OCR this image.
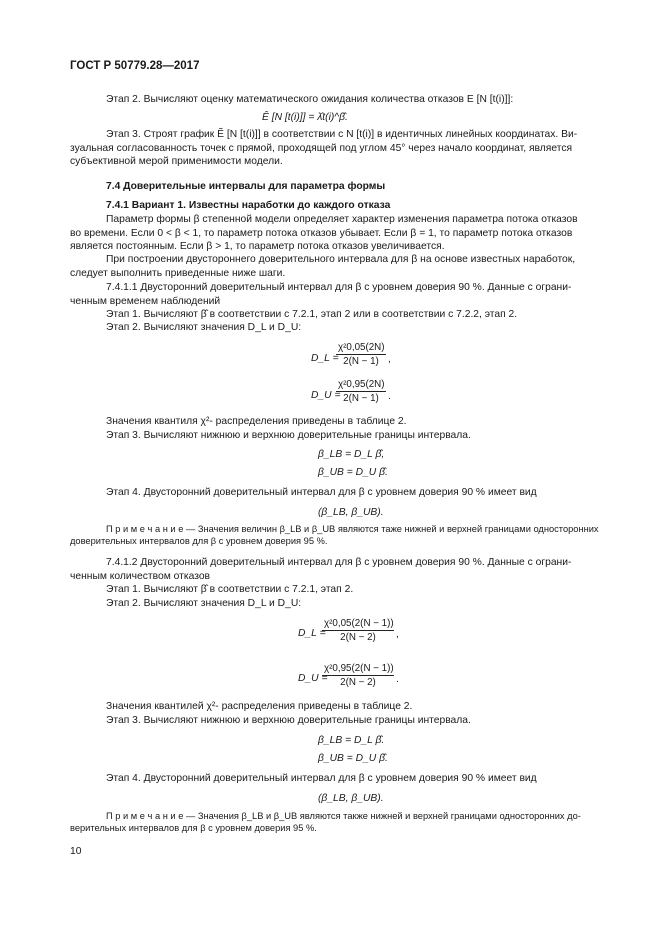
ГОСТ Р 50779.28—2017
Этап 2. Вычисляют оценку математического ожидания количества отказов E [N [t(i)]]:
Ê [N [t(i)]] = λ̂t(i)^β̂.
Этап 3. Строят график Ẽ [N [t(i)]] в соответствии с N [t(i)] в идентичных линейных координатах. Ви-
зуальная согласованность точек с прямой, проходящей под углом 45° через начало координат, является
субъективной мерой применимости модели.
7.4 Доверительные интервалы для параметра формы
7.4.1 Вариант 1. Известны наработки до каждого отказа
Параметр формы β степенной модели определяет характер изменения параметра потока отказов
во времени. Если 0 < β < 1, то параметр потока отказов убывает. Если β = 1, то параметр потока отказов
является постоянным. Если β > 1, то параметр потока отказов увеличивается.
При построении двустороннего доверительного интервала для β на основе известных наработок,
следует выполнить приведенные ниже шаги.
7.4.1.1 Двусторонний доверительный интервал для β с уровнем доверия 90 %. Данные с ограни-
ченным временем наблюдений
Этап 1. Вычисляют β̂ в соответствии с 7.2.1, этап 2 или в соответствии с 7.2.2, этап 2.
Этап 2. Вычисляют значения D_L и D_U:
D_L =
$\frac{\text{χ²0,05(2N)}}{2(N - 1)}$ ,
D_U =
$\frac{\text{χ²0,95(2N)}}{2(N - 1)}$ .
Значения квантиля χ²- распределения приведены в таблице 2.
Этап 3. Вычисляют нижнюю и верхнюю доверительные границы интервала.
β_LB = D_L β̂,
β_UB = D_U β̂.
Этап 4. Двусторонний доверительный интервал для β с уровнем доверия 90 % имеет вид
(β_LB, β_UB).
П р и м е ч а н и е — Значения величин β_LB и β_UB являются таже нижней и верхней границами односторонних
доверительных интервалов для β с уровнем доверия 95 %.
7.4.1.2 Двусторонний доверительный интервал для β с уровнем доверия 90 %. Данные с ограни-
ченным количеством отказов
Этап 1. Вычисляют β̂ в соответствии с 7.2.1, этап 2.
Этап 2. Вычисляют значения D_L и D_U:
D_L =
$\frac{\text{χ²0,05(2(N − 1))}}{2(N - 2)}$ ,
D_U =
$\frac{\text{χ²0,95(2(N − 1))}}{2(N - 2)}$ .
Значения квантилей χ²- распределения приведены в таблице 2.
Этап 3. Вычисляют нижнюю и верхнюю доверительные границы интервала.
β_LB = D_L β̂.
β_UB = D_U β̂.
Этап 4. Двусторонний доверительный интервал для β с уровнем доверия 90 % имеет вид
(β_LB, β_UB).
П р и м е ч а н и е — Значения β_LB и β_UB являются также нижней и верхней границами односторонних до-
верительных интервалов для β с уровнем доверия 95 %.
10
